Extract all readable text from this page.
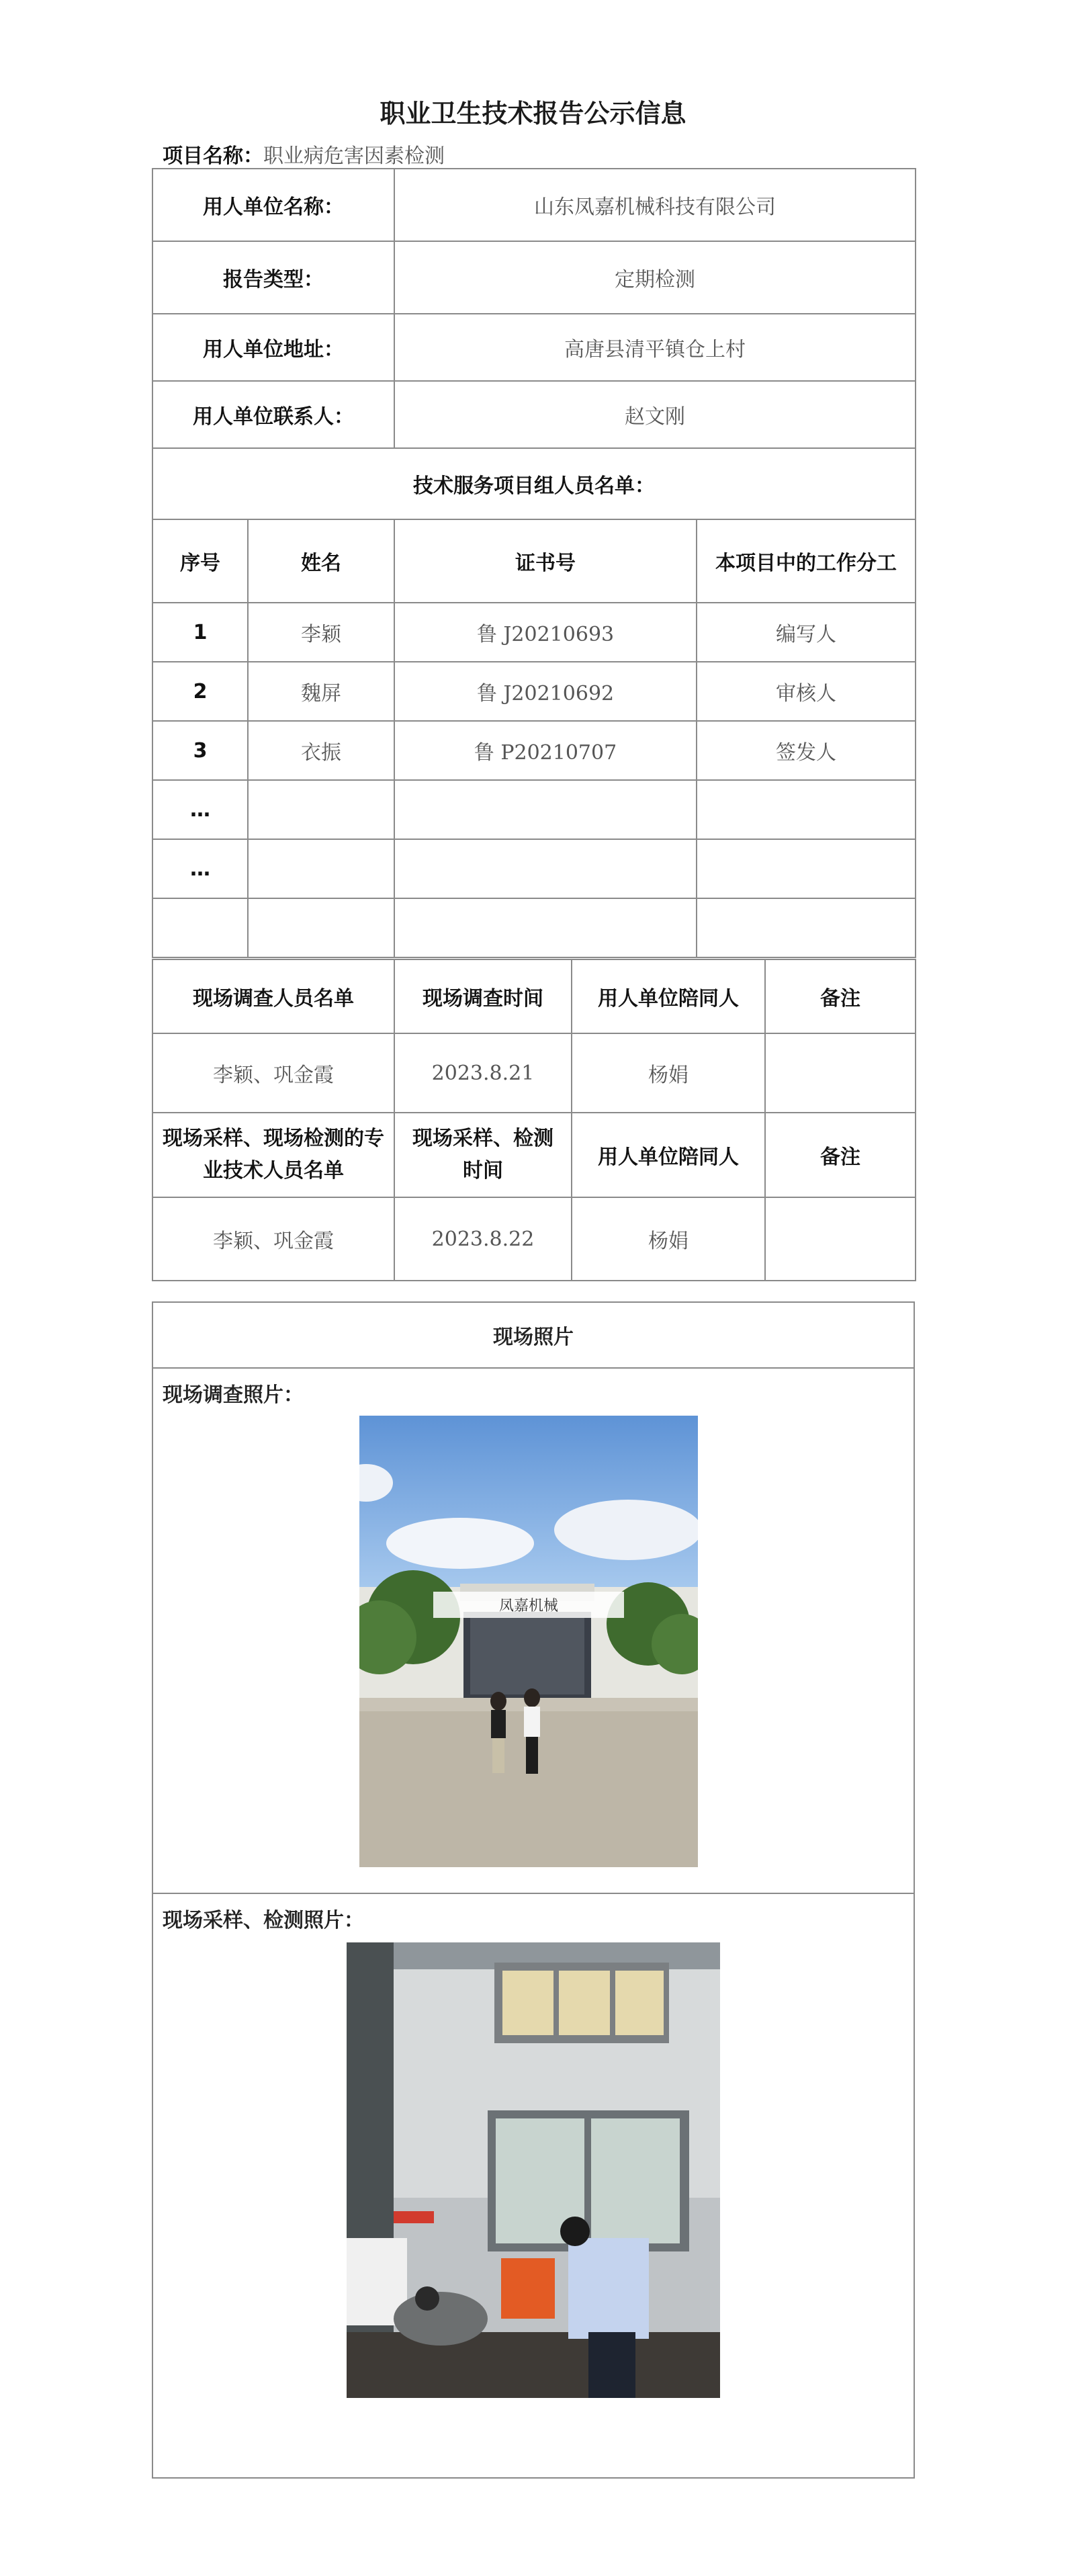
职业卫生技术报告公示信息
项目名称：职业病危害因素检测
用人单位名称：		山东凤嘉机械科技有限公司	
报告类型：		定期检测	
用人单位地址：		高唐县清平镇仓上村	
用人单位联系人：		赵文刚	
技术服务项目组人员名单：			
序号	姓名	证书号	本项目中的工作分工
1	李颖	鲁 J20210693	编写人
2	魏屏	鲁 J20210692	审核人
3	衣振	鲁 P20210707	签发人
…			
…			

现场调查人员名单	现场调查时间	用人单位陪同人	备注
李颖、巩金霞	2023.8.21	杨娟	
现场采样、现场检测的专业技术人员名单	现场采样、检测时间	用人单位陪同人	备注
李颖、巩金霞	2023.8.22	杨娟	
现场照片
现场调查照片：
凤嘉机械
现场采样、检测照片：
